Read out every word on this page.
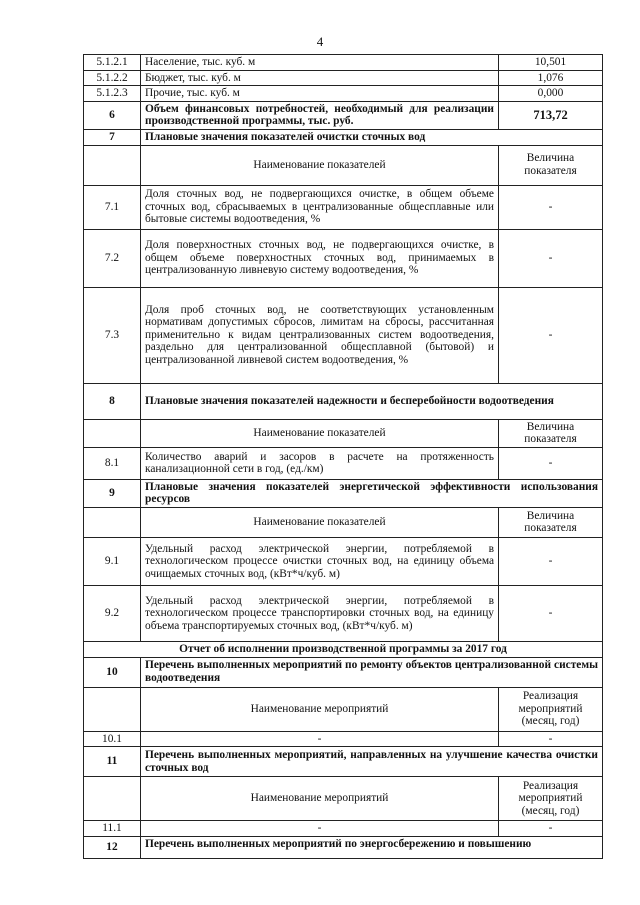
4
5.1.2.1	Население, тыс. куб. м	10,501
5.1.2.2	Бюджет, тыс. куб. м	1,076
5.1.2.3	Прочие, тыс. куб. м	0,000
6	Объем финансовых потребностей, необходимый для реализации производственной программы, тыс. руб.	713,72
7	Плановые значения показателей очистки сточных вод	
	Наименование показателей	Величина показателя
7.1	Доля сточных вод, не подвергающихся очистке, в общем объеме сточных вод, сбрасываемых в централизованные общесплавные или бытовые системы водоотведения, %	-
7.2	Доля поверхностных сточных вод, не подвергающихся очистке, в общем объеме поверхностных сточных вод, принимаемых в централизованную ливневую систему водоотведения, %	-
7.3	Доля проб сточных вод, не соответствующих установленным нормативам допустимых сбросов, лимитам на сбросы, рассчитанная применительно к видам централизованных систем водоотведения, раздельно для централизованной общесплавной (бытовой) и централизованной ливневой систем водоотведения, %	-
8	Плановые значения показателей надежности и бесперебойности водоотведения	
	Наименование показателей	Величина показателя
8.1	Количество аварий и засоров в расчете на протяженность канализационной сети в год, (ед./км)	-
9	Плановые значения показателей энергетической эффективности использования ресурсов	
	Наименование показателей	Величина показателя
9.1	Удельный расход электрической энергии, потребляемой в технологическом процессе очистки сточных вод, на единицу объема очищаемых сточных вод, (кВт*ч/куб. м)	-
9.2	Удельный расход электрической энергии, потребляемой в технологическом процессе транспортировки сточных вод, на единицу объема транспортируемых сточных вод, (кВт*ч/куб. м)	-
Отчет об исполнении производственной программы за 2017 год		
10	Перечень выполненных мероприятий по ремонту объектов централизованной системы водоотведения	
	Наименование мероприятий	Реализация мероприятий (месяц, год)
10.1	-	-
11	Перечень выполненных мероприятий, направленных на улучшение качества очистки сточных вод	
	Наименование мероприятий	Реализация мероприятий (месяц, год)
11.1	-	-
12	Перечень выполненных мероприятий по энергосбережению и повышению	
